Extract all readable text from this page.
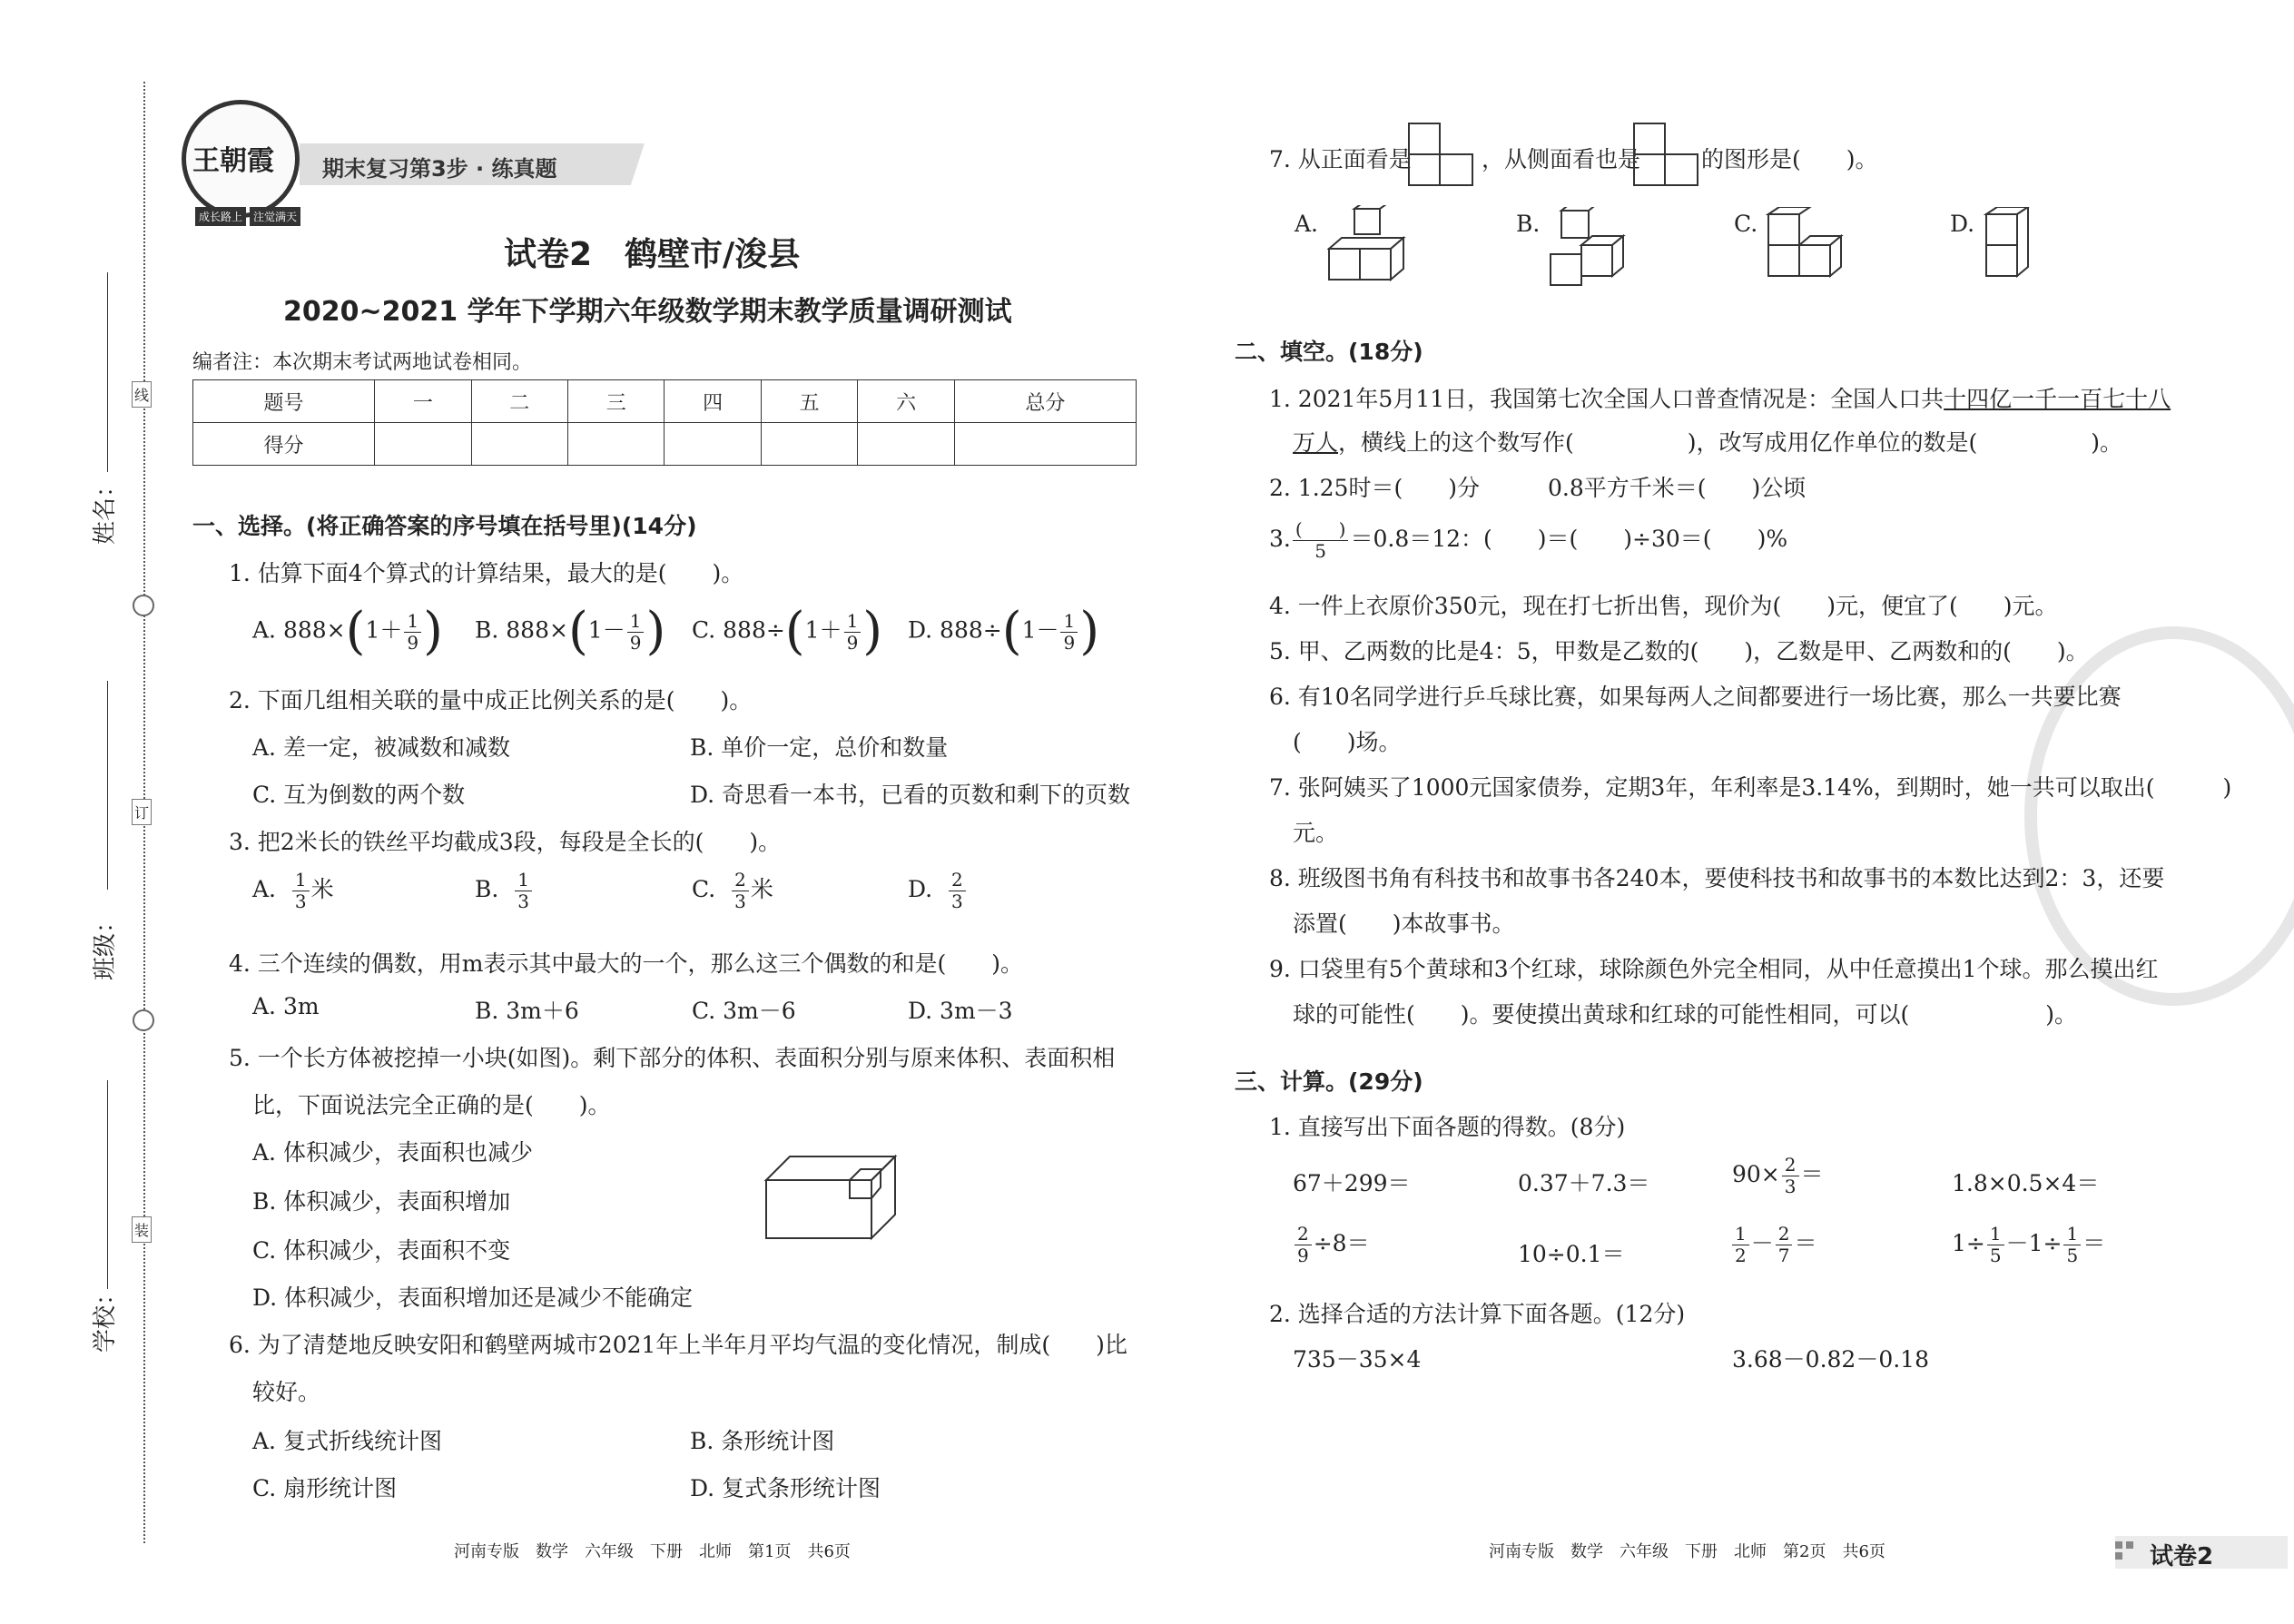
线
订
装
姓名：
班级：
学校：
王朝霞
成长路上 注觉满天
期末复习第3步 · 练真题
试卷2　鹤壁市/浚县
2020~2021 学年下学期六年级数学期末教学质量调研测试
编者注：本次期末考试两地试卷相同。
题号	一	二	三	四	五	六	总分
得分							
一、选择。(将正确答案的序号填在括号里)(14分)
1. 估算下面4个算式的计算结果，最大的是(　　)。
A. $888\times(1+ \frac{1}{9}$ ) B. $888\times(1- \frac{1}{9}$ ) C. $888\div(1+ \frac{1}{9}$ ) D. $888\div(1- \frac{1}{9}$ )
2. 下面几组相关联的量中成正比例关系的是(　　)。
A. 差一定，被减数和减数	B. 单价一定，总价和数量
C. 互为倒数的两个数	D. 奇思看一本书，已看的页数和剩下的页数
3. 把2米长的铁丝平均截成3段，每段是全长的(　　)。
A. $\frac{1}{3}$ 米	B. $\frac{1}{3}$	C. $\frac{2}{3}$ 米	D. $\frac{2}{3}$
4. 三个连续的偶数，用m表示其中最大的一个，那么这三个偶数的和是(　　)。
A. 3m	B. 3m＋6	C. 3m－6	D. 3m－3
5. 一个长方体被挖掉一小块(如图)。剩下部分的体积、表面积分别与原来体积、表面积相
比，下面说法完全正确的是(　　)。
A. 体积减少，表面积也减少
B. 体积减少，表面积增加
C. 体积减少，表面积不变
D. 体积减少，表面积增加还是减少不能确定
6. 为了清楚地反映安阳和鹤壁两城市2021年上半年月平均气温的变化情况，制成(　　)比
较好。
A. 复式折线统计图	B. 条形统计图
C. 扇形统计图	D. 复式条形统计图
河南专版　数学　六年级　下册　北师　第1页　共6页
7. 从正面看是	，从侧面看也是	的图形是(　　)。
A.	B.	C.	D.
二、填空。(18分)
1. 2021年5月11日，我国第七次全国人口普查情况是：全国人口共十四亿一千一百七十八
万人，横线上的这个数写作(　　　　　)，改写成用亿作单位的数是(　　　　　)。
2. 1.25时＝(　　)分　　　0.8平方千米＝(　　)公顷
3. $\frac{( )}{5} =0.8=12$：(　　)＝(　　)÷30＝(　　)%
4. 一件上衣原价350元，现在打七折出售，现价为(　　)元，便宜了(　　)元。
5. 甲、乙两数的比是4：5，甲数是乙数的(　　)，乙数是甲、乙两数和的(　　)。
6. 有10名同学进行乒乓球比赛，如果每两人之间都要进行一场比赛，那么一共要比赛
(　　)场。
7. 张阿姨买了1000元国家债券，定期3年，年利率是3.14%，到期时，她一共可以取出(　　　)
元。
8. 班级图书角有科技书和故事书各240本，要使科技书和故事书的本数比达到2：3，还要
添置(　　)本故事书。
9. 口袋里有5个黄球和3个红球，球除颜色外完全相同，从中任意摸出1个球。那么摸出红
球的可能性(　　)。要使摸出黄球和红球的可能性相同，可以(　　　　　　)。
三、计算。(29分)
1. 直接写出下面各题的得数。(8分)
67＋299＝	0.37＋7.3＝	$90\times \frac{2}{3}$ ＝	1.8×0.5×4＝
$\frac{2}{9} \div 8=$	10÷0.1＝	$\frac{1}{2} - \frac{2}{7}$ ＝	$1\div \frac{1}{5} -1\div \frac{1}{5}$ ＝
2. 选择合适的方法计算下面各题。(12分)
735－35×4	3.68－0.82－0.18
河南专版　数学　六年级　下册　北师　第2页　共6页	试卷2
